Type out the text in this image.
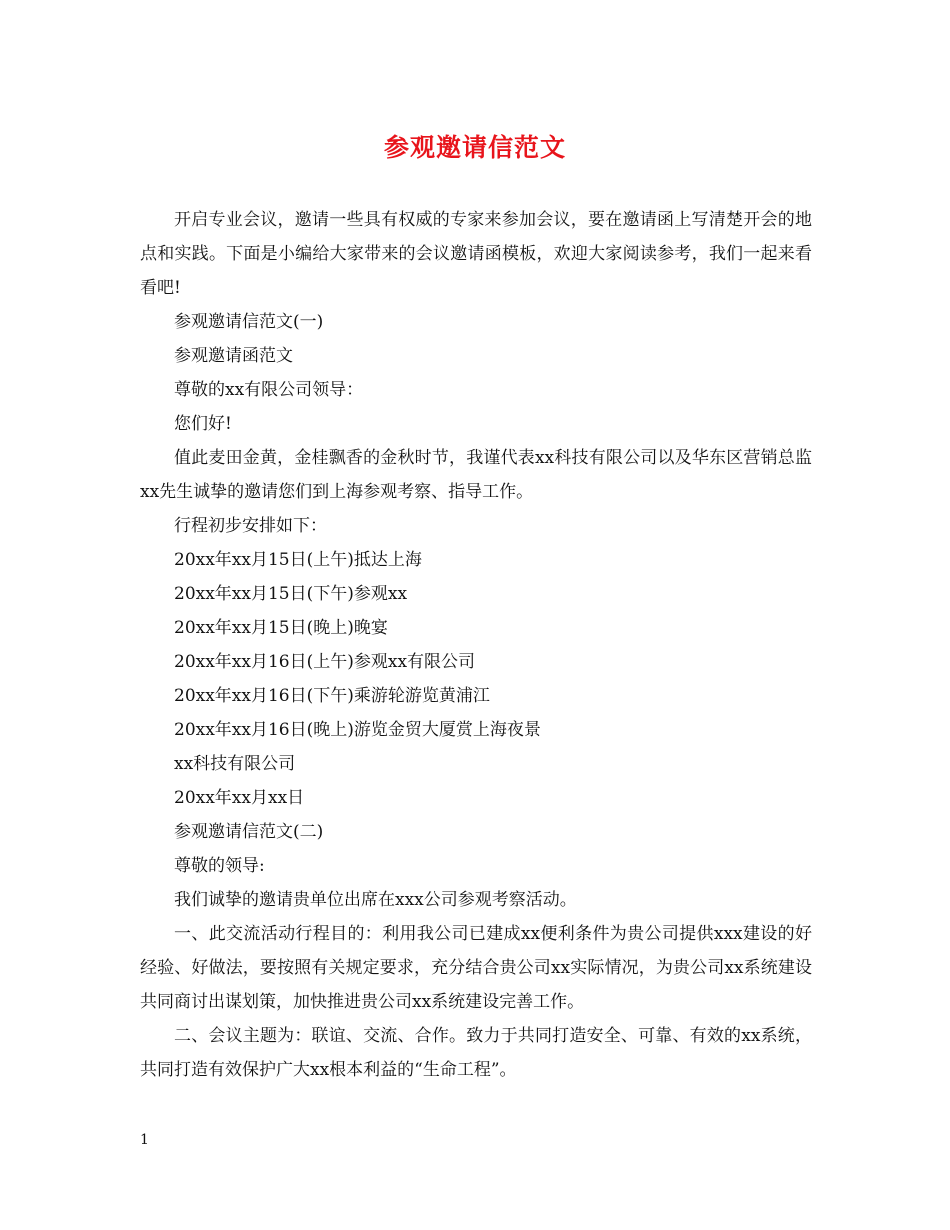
参观邀请信范文

开启专业会议，邀请一些具有权威的专家来参加会议，要在邀请函上写清楚开会的地点和实践。下面是小编给大家带来的会议邀请函模板，欢迎大家阅读参考，我们一起来看看吧!

参观邀请信范文(一)

参观邀请函范文

尊敬的xx有限公司领导：

您们好!

值此麦田金黄，金桂飘香的金秋时节，我谨代表xx科技有限公司以及华东区营销总监xx先生诚挚的邀请您们到上海参观考察、指导工作。

行程初步安排如下：

20xx年xx月15日(上午)抵达上海

20xx年xx月15日(下午)参观xx

20xx年xx月15日(晚上)晚宴

20xx年xx月16日(上午)参观xx有限公司

20xx年xx月16日(下午)乘游轮游览黄浦江

20xx年xx月16日(晚上)游览金贸大厦赏上海夜景

xx科技有限公司

20xx年xx月xx日

参观邀请信范文(二)

尊敬的领导:

我们诚挚的邀请贵单位出席在xxx公司参观考察活动。

一、此交流活动行程目的：利用我公司已建成xx便利条件为贵公司提供xxx建设的好经验、好做法，要按照有关规定要求，充分结合贵公司xx实际情况，为贵公司xx系统建设共同商讨出谋划策，加快推进贵公司xx系统建设完善工作。

二、会议主题为：联谊、交流、合作。致力于共同打造安全、可靠、有效的xx系统，共同打造有效保护广大xx根本利益的“生命工程”。

1
